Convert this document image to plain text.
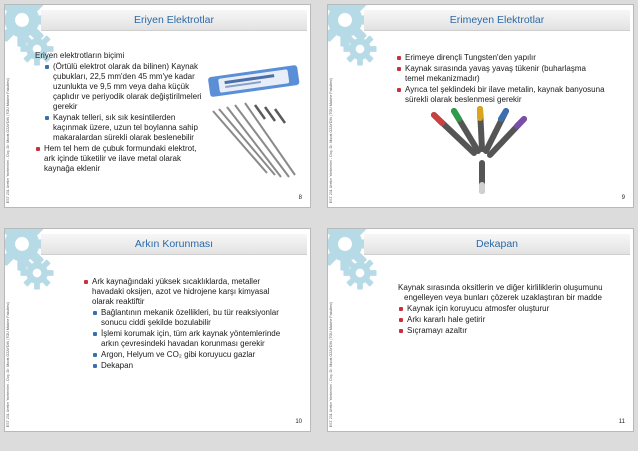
Eriyen Elektrotlar
EST 231 Uretim Yontemleri - Doç. Dr. Murat OZAYDIN (TOU Makine Fakultesi)
Eriyen elektrotların biçimi
(Örtülü elektrot olarak da bilinen) Kaynak çubukları, 22,5 mm'den 45 mm'ye kadar uzunlukta ve 9,5 mm veya daha küçük çaplıdır ve periyodik olarak değiştirilmeleri gerekir
Kaynak telleri, sık sık kesintilerden kaçınmak üzere, uzun tel boylanna sahip makaralardan sürekli olarak beslenebilir
Hem tel hem de çubuk formundaki elektrot, ark içinde tüketilir ve ilave metal olarak kaynağa eklenir
8
Erimeyen Elektrotlar
EST 231 Uretim Yontemleri - Doç. Dr. Murat OZAYDIN (TOU Makine Fakultesi)
Erimeye dirençli Tungsten'den yapılır
Kaynak sırasında yavaş yavaş tükenir (buharlaşma temel mekanizmadır)
Ayrıca tel şeklindeki bir ilave metalin, kaynak banyosuna sürekli olarak beslenmesi gerekir
9
Arkın Korunması
EST 231 Uretim Yontemleri - Doç. Dr. Murat OZAYDIN (TOU Makine Fakultesi)
Ark kaynağındaki yüksek sıcaklıklarda, metaller havadaki oksijen, azot ve hidrojene karşı kimyasal olarak reaktiftir
Bağlantının mekanik özellikleri, bu tür reaksiyonlar sonucu ciddi şekilde bozulabilir
İşlemi korumak için, tüm ark kaynak yöntemlerinde arkın çevresindeki havadan korunması gerekir
Argon, Helyum ve CO₂ gibi koruyucu gazlar
Dekapan
10
Dekapan
EST 231 Uretim Yontemleri - Doç. Dr. Murat OZAYDIN (TOU Makine Fakultesi)
Kaynak sırasında oksitlerin ve diğer kirliliklerin oluşumunu engelleyen veya bunları çözerek uzaklaştıran bir madde
Kaynak için koruyucu atmosfer oluşturur
Arkı kararlı hale getirir
Sıçramayı azaltır
11
